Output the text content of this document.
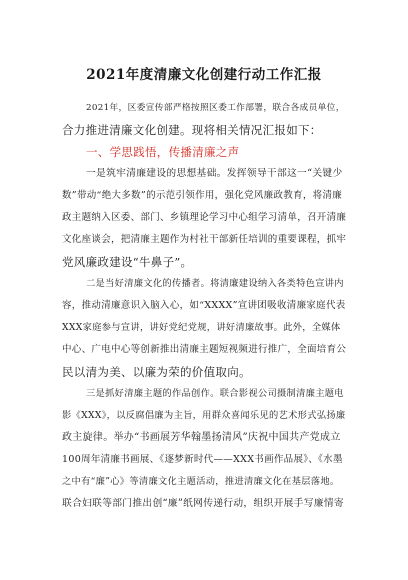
2021年度清廉文化创建行动工作汇报
2021年，区委宣传部严格按照区委工作部署，联合各成员单位，
合力推进清廉文化创建。现将相关情况汇报如下：
一、学思践悟，传播清廉之声
一是筑牢清廉建设的思想基础。发挥领导干部这一“关键少
数”带动“绝大多数”的示范引领作用，强化党风廉政教育，将清廉
政主题纳入区委、部门、乡镇理论学习中心组学习清单，召开清廉
文化座谈会，把清廉主题作为村社干部新任培训的重要课程，抓牢
党风廉政建设“牛鼻子”。
二是当好清廉文化的传播者。将清廉建设纳入各类特色宣讲内
容，推动清廉意识入脑入心，如“XXXX”宣讲团吸收清廉家庭代表
XXX家庭参与宣讲，讲好党纪党规，讲好清廉故事。此外，全媒体
中心、广电中心等创新推出清廉主题短视频进行推广，全面培育公
民以清为美、以廉为荣的价值取向。
三是抓好清廉主题的作品创作。联合影视公司摄制清廉主题电
影《XXX》，以反腐倡廉为主旨，用群众喜闻乐见的艺术形式弘扬廉
政主旋律。举办“书画展芳华翰墨扬清风”庆祝中国共产党成立
100周年清廉书画展、《逐梦新时代——XXX书画作品展》、《水墨
之中有“廉”心》等清廉文化主题活动，推进清廉文化在基层落地。
联合妇联等部门推出创“廉”纸网传递行动，组织开展手写廉情寄
